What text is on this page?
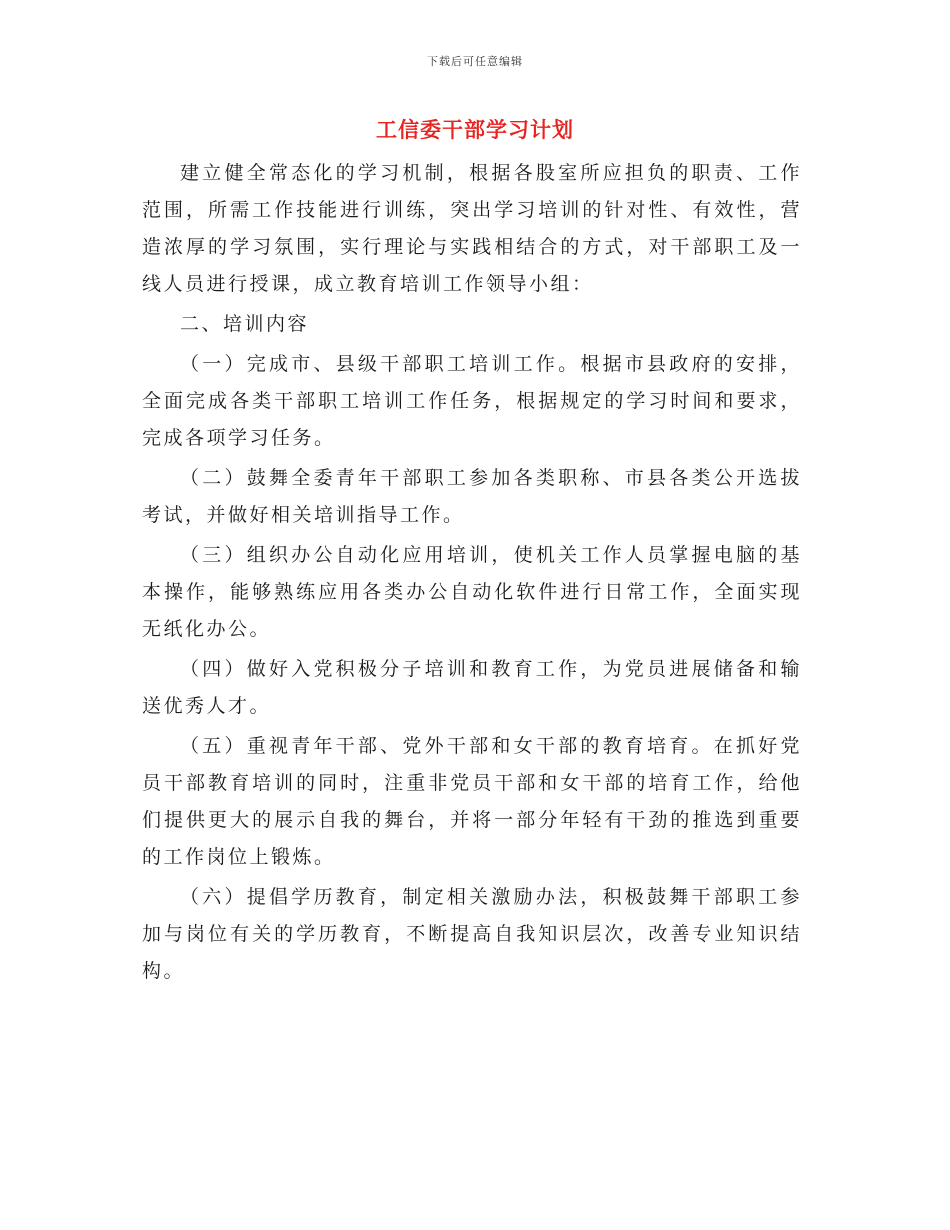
下载后可任意编辑
工信委干部学习计划

建立健全常态化的学习机制，根据各股室所应担负的职责、工作范围，所需工作技能进行训练，突出学习培训的针对性、有效性，营造浓厚的学习氛围，实行理论与实践相结合的方式，对干部职工及一线人员进行授课，成立教育培训工作领导小组：

二、培训内容

（一）完成市、县级干部职工培训工作。根据市县政府的安排，全面完成各类干部职工培训工作任务，根据规定的学习时间和要求，完成各项学习任务。

（二）鼓舞全委青年干部职工参加各类职称、市县各类公开选拔考试，并做好相关培训指导工作。

（三）组织办公自动化应用培训，使机关工作人员掌握电脑的基本操作，能够熟练应用各类办公自动化软件进行日常工作，全面实现无纸化办公。

（四）做好入党积极分子培训和教育工作，为党员进展储备和输送优秀人才。

（五）重视青年干部、党外干部和女干部的教育培育。在抓好党员干部教育培训的同时，注重非党员干部和女干部的培育工作，给他们提供更大的展示自我的舞台，并将一部分年轻有干劲的推选到重要的工作岗位上锻炼。

（六）提倡学历教育，制定相关激励办法，积极鼓舞干部职工参加与岗位有关的学历教育，不断提高自我知识层次，改善专业知识结构。
